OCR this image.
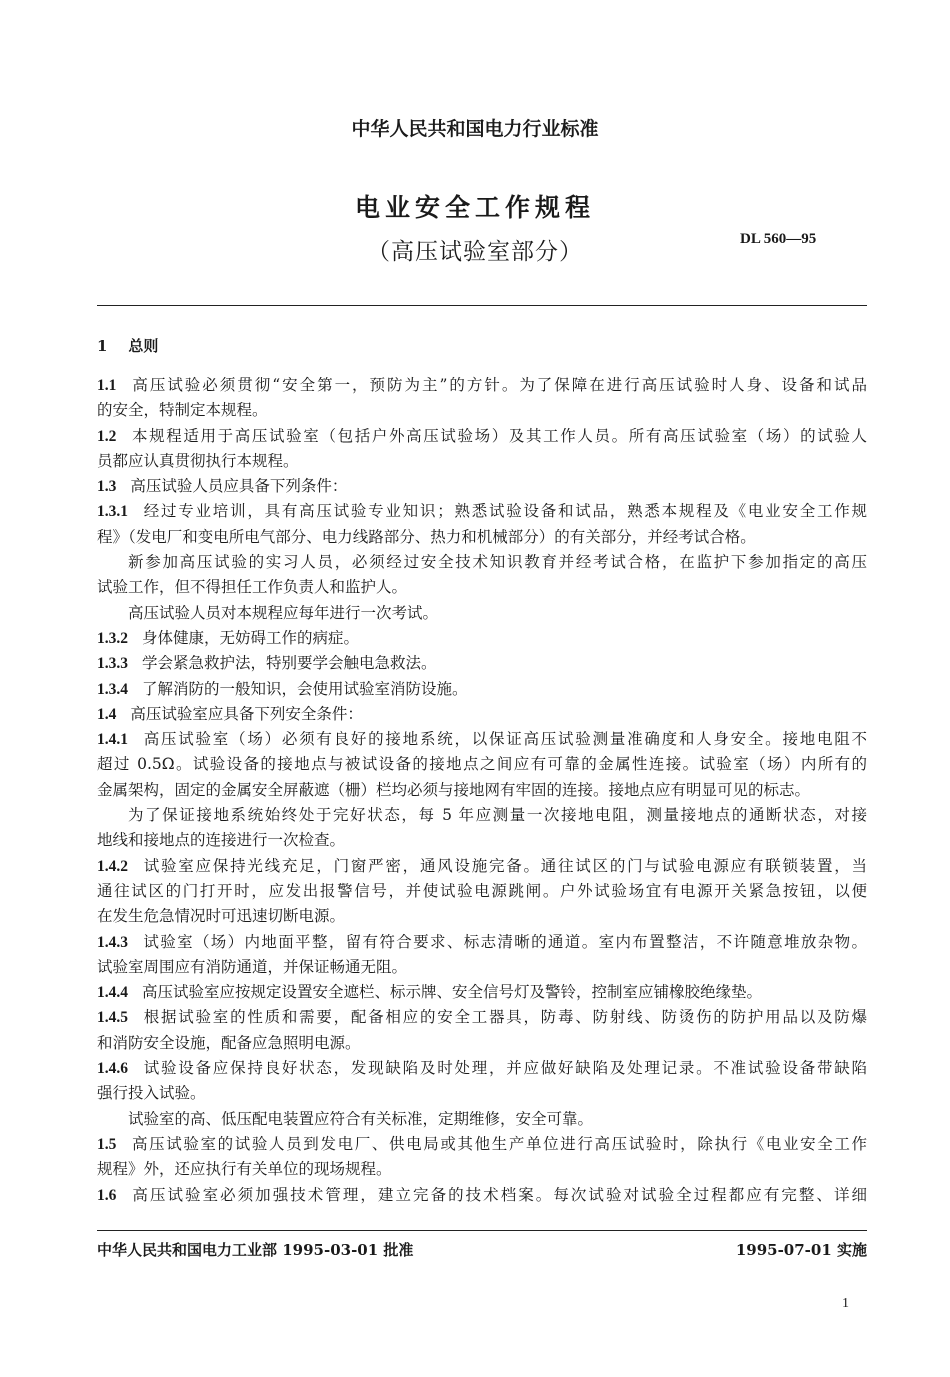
中华人民共和国电力行业标准
电业安全工作规程
（高压试验室部分）	DL 560—95
1 总则
1.1 高压试验必须贯彻“安全第一，预防为主”的方针。为了保障在进行高压试验时人身、设备和试品
的安全，特制定本规程。
1.2 本规程适用于高压试验室（包括户外高压试验场）及其工作人员。所有高压试验室（场）的试验人
员都应认真贯彻执行本规程。
1.3 高压试验人员应具备下列条件：
1.3.1 经过专业培训，具有高压试验专业知识；熟悉试验设备和试品，熟悉本规程及《电业安全工作规
程》（发电厂和变电所电气部分、电力线路部分、热力和机械部分）的有关部分，并经考试合格。
新参加高压试验的实习人员，必须经过安全技术知识教育并经考试合格，在监护下参加指定的高压
试验工作，但不得担任工作负责人和监护人。
高压试验人员对本规程应每年进行一次考试。
1.3.2 身体健康，无妨碍工作的病症。
1.3.3 学会紧急救护法，特别要学会触电急救法。
1.3.4 了解消防的一般知识，会使用试验室消防设施。
1.4 高压试验室应具备下列安全条件：
1.4.1 高压试验室（场）必须有良好的接地系统，以保证高压试验测量准确度和人身安全。接地电阻不
超过 0.5Ω。试验设备的接地点与被试设备的接地点之间应有可靠的金属性连接。试验室（场）内所有的
金属架构，固定的金属安全屏蔽遮（栅）栏均必须与接地网有牢固的连接。接地点应有明显可见的标志。
为了保证接地系统始终处于完好状态，每 5 年应测量一次接地电阻，测量接地点的通断状态，对接
地线和接地点的连接进行一次检查。
1.4.2 试验室应保持光线充足，门窗严密，通风设施完备。通往试区的门与试验电源应有联锁装置，当
通往试区的门打开时，应发出报警信号，并使试验电源跳闸。户外试验场宜有电源开关紧急按钮，以便
在发生危急情况时可迅速切断电源。
1.4.3 试验室（场）内地面平整，留有符合要求、标志清晰的通道。室内布置整洁，不许随意堆放杂物。
试验室周围应有消防通道，并保证畅通无阻。
1.4.4 高压试验室应按规定设置安全遮栏、标示牌、安全信号灯及警铃，控制室应铺橡胶绝缘垫。
1.4.5 根据试验室的性质和需要，配备相应的安全工器具，防毒、防射线、防烫伤的防护用品以及防爆
和消防安全设施，配备应急照明电源。
1.4.6 试验设备应保持良好状态，发现缺陷及时处理，并应做好缺陷及处理记录。不准试验设备带缺陷
强行投入试验。
试验室的高、低压配电装置应符合有关标准，定期维修，安全可靠。
1.5 高压试验室的试验人员到发电厂、供电局或其他生产单位进行高压试验时，除执行《电业安全工作
规程》外，还应执行有关单位的现场规程。
1.6 高压试验室必须加强技术管理，建立完备的技术档案。每次试验对试验全过程都应有完整、详细
中华人民共和国电力工业部 1995-03-01 批准	1995-07-01 实施
1
